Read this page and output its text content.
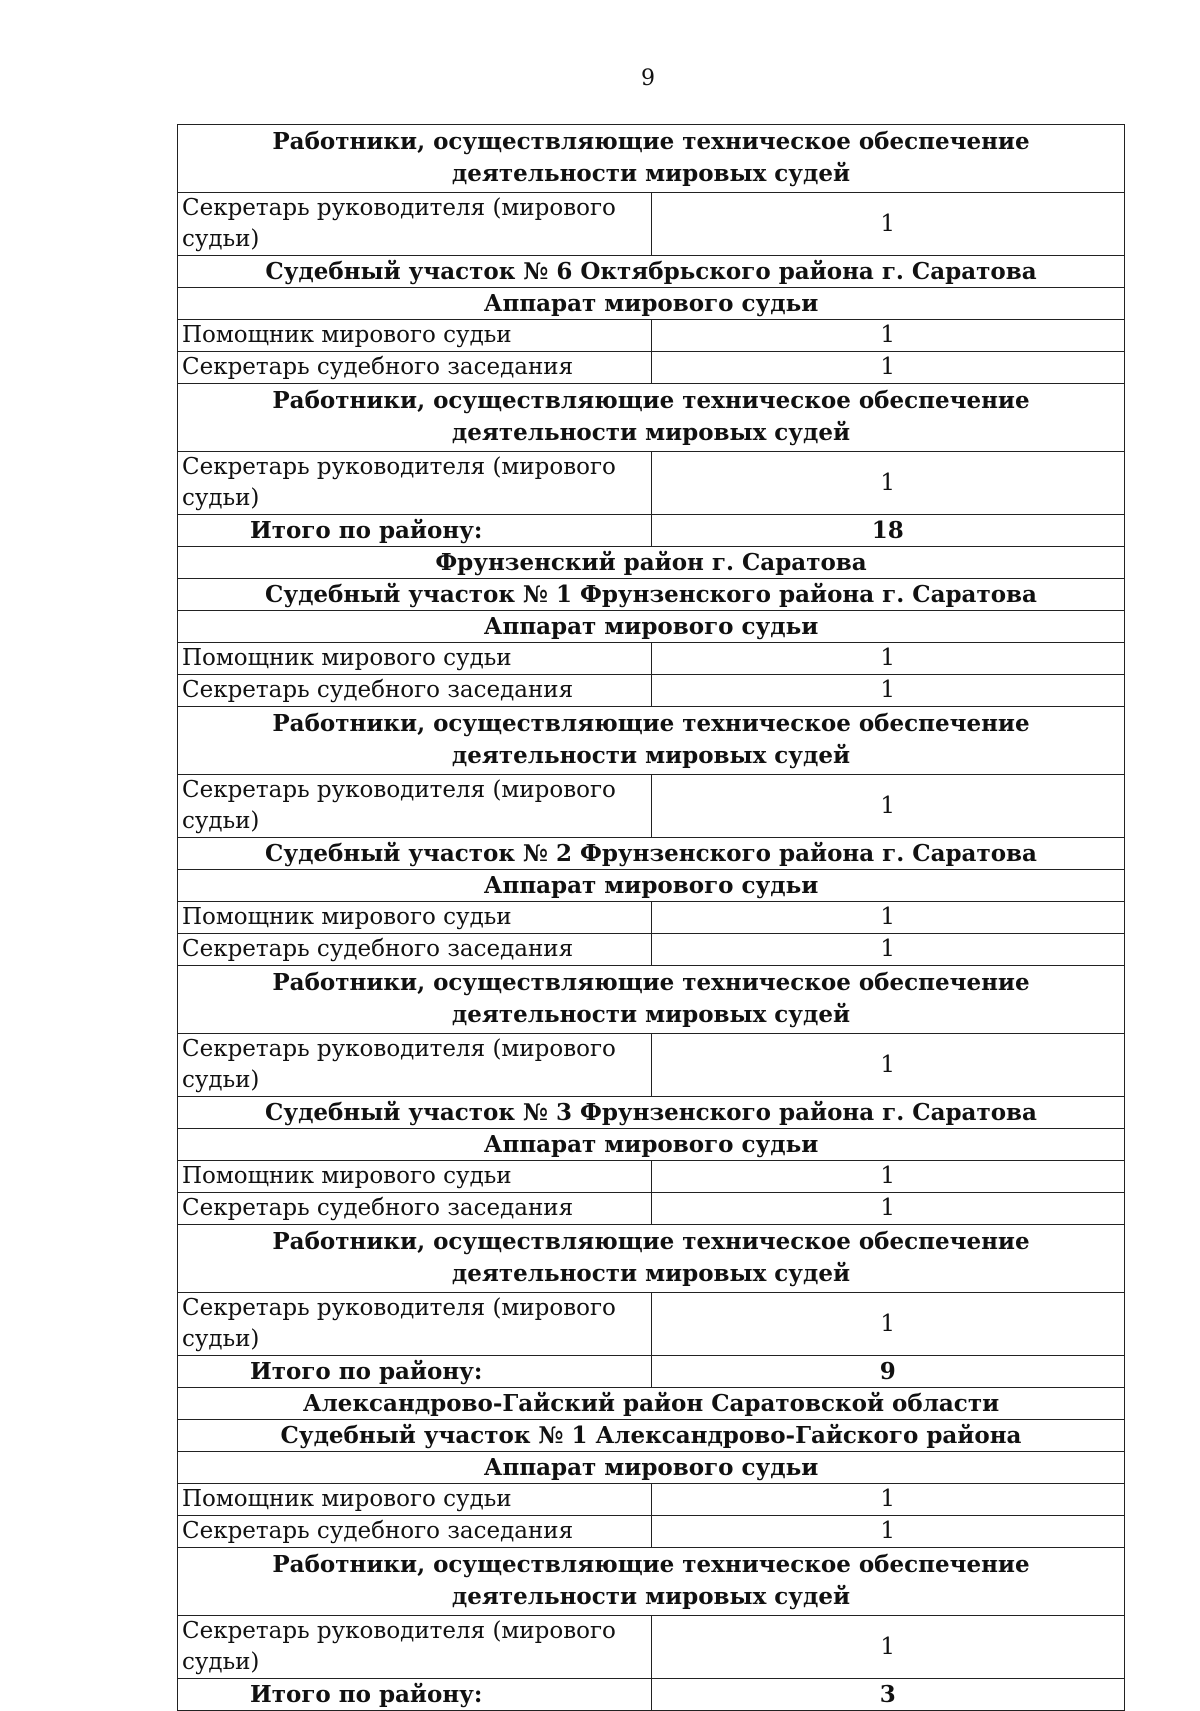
9
Работники, осуществляющие техническое обеспечение деятельности мировых судей	
Секретарь руководителя (мирового судьи)	1
Судебный участок № 6 Октябрьского района г. Саратова	
Аппарат мирового судьи	
Помощник мирового судьи	1
Секретарь судебного заседания	1
Работники, осуществляющие техническое обеспечение деятельности мировых судей	
Секретарь руководителя (мирового судьи)	1
Итого по району:	18
Фрунзенский район г. Саратова	
Судебный участок № 1 Фрунзенского района г. Саратова	
Аппарат мирового судьи	
Помощник мирового судьи	1
Секретарь судебного заседания	1
Работники, осуществляющие техническое обеспечение деятельности мировых судей	
Секретарь руководителя (мирового судьи)	1
Судебный участок № 2 Фрунзенского района г. Саратова	
Аппарат мирового судьи	
Помощник мирового судьи	1
Секретарь судебного заседания	1
Работники, осуществляющие техническое обеспечение деятельности мировых судей	
Секретарь руководителя (мирового судьи)	1
Судебный участок № 3 Фрунзенского района г. Саратова	
Аппарат мирового судьи	
Помощник мирового судьи	1
Секретарь судебного заседания	1
Работники, осуществляющие техническое обеспечение деятельности мировых судей	
Секретарь руководителя (мирового судьи)	1
Итого по району:	9
Александрово-Гайский район Саратовской области	
Судебный участок № 1 Александрово-Гайского района	
Аппарат мирового судьи	
Помощник мирового судьи	1
Секретарь судебного заседания	1
Работники, осуществляющие техническое обеспечение деятельности мировых судей	
Секретарь руководителя (мирового судьи)	1
Итого по району:	3
